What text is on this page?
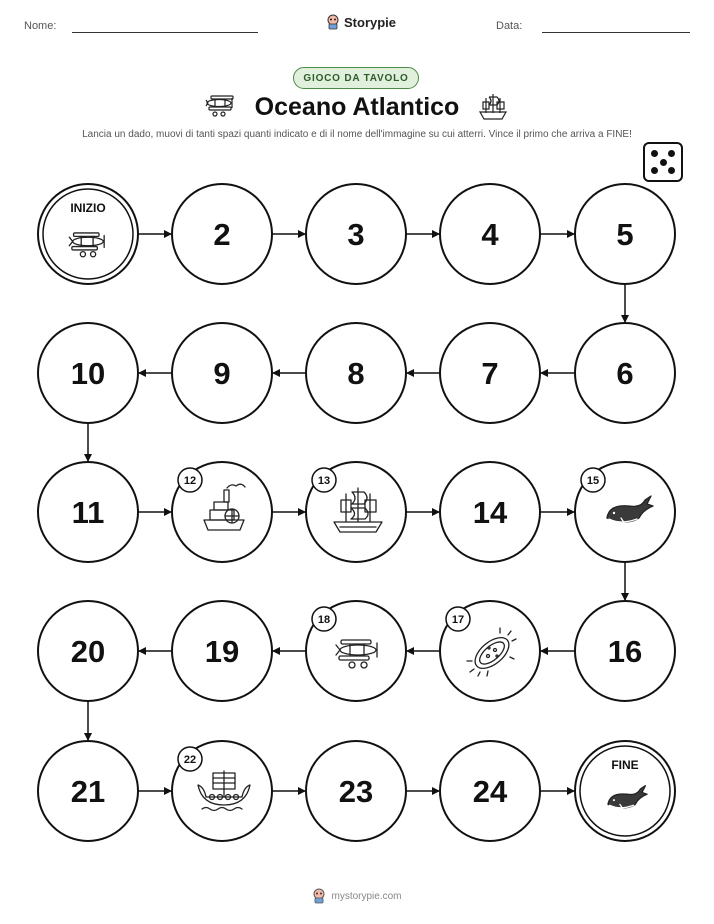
Nome:	Storypie	Data:
GIOCO DA TAVOLO
Oceano Atlantico
Lancia un dado, muovi di tanti spazi quanti indicato e di il nome dell'immagine su cui atterri. Vince il primo che arriva a FINE!
INIZIO
2	3	4	5
6
7
8
9
10
11
12	13
14
15
16
17
18
19
20
21
22
23	24
FINE
mystorypie.com
